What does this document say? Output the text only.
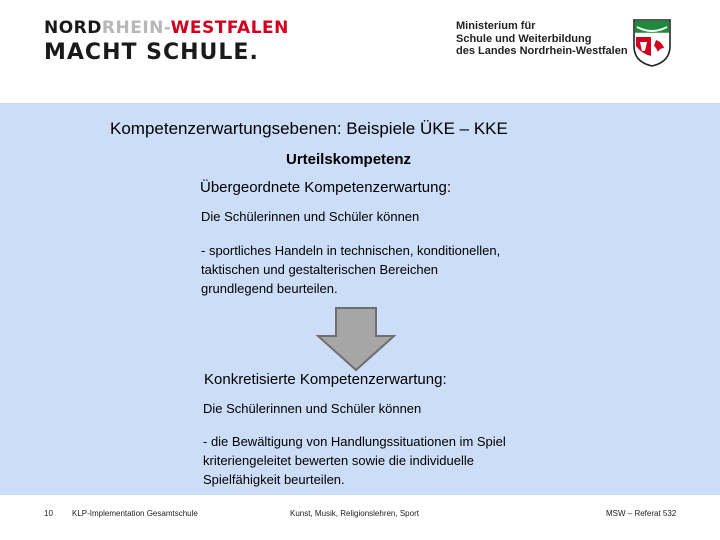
NORDRHEIN-WESTFALEN
MACHT SCHULE.
Ministerium für
Schule und Weiterbildung
des Landes Nordrhein-Westfalen
Kompetenzerwartungsebenen: Beispiele ÜKE – KKE
Urteilskompetenz
Übergeordnete Kompetenzerwartung:
Die Schülerinnen und Schüler können
- sportliches Handeln in technischen, konditionellen, taktischen und gestalterischen Bereichen grundlegend beurteilen.
Konkretisierte Kompetenzerwartung:
Die Schülerinnen und Schüler können
- die Bewältigung von Handlungssituationen im Spiel kriteriengeleitet bewerten sowie die individuelle Spielfähigkeit beurteilen.
10 KLP-Implementation Gesamtschule	Kunst, Musik, Religionslehren, Sport	MSW – Referat 532
